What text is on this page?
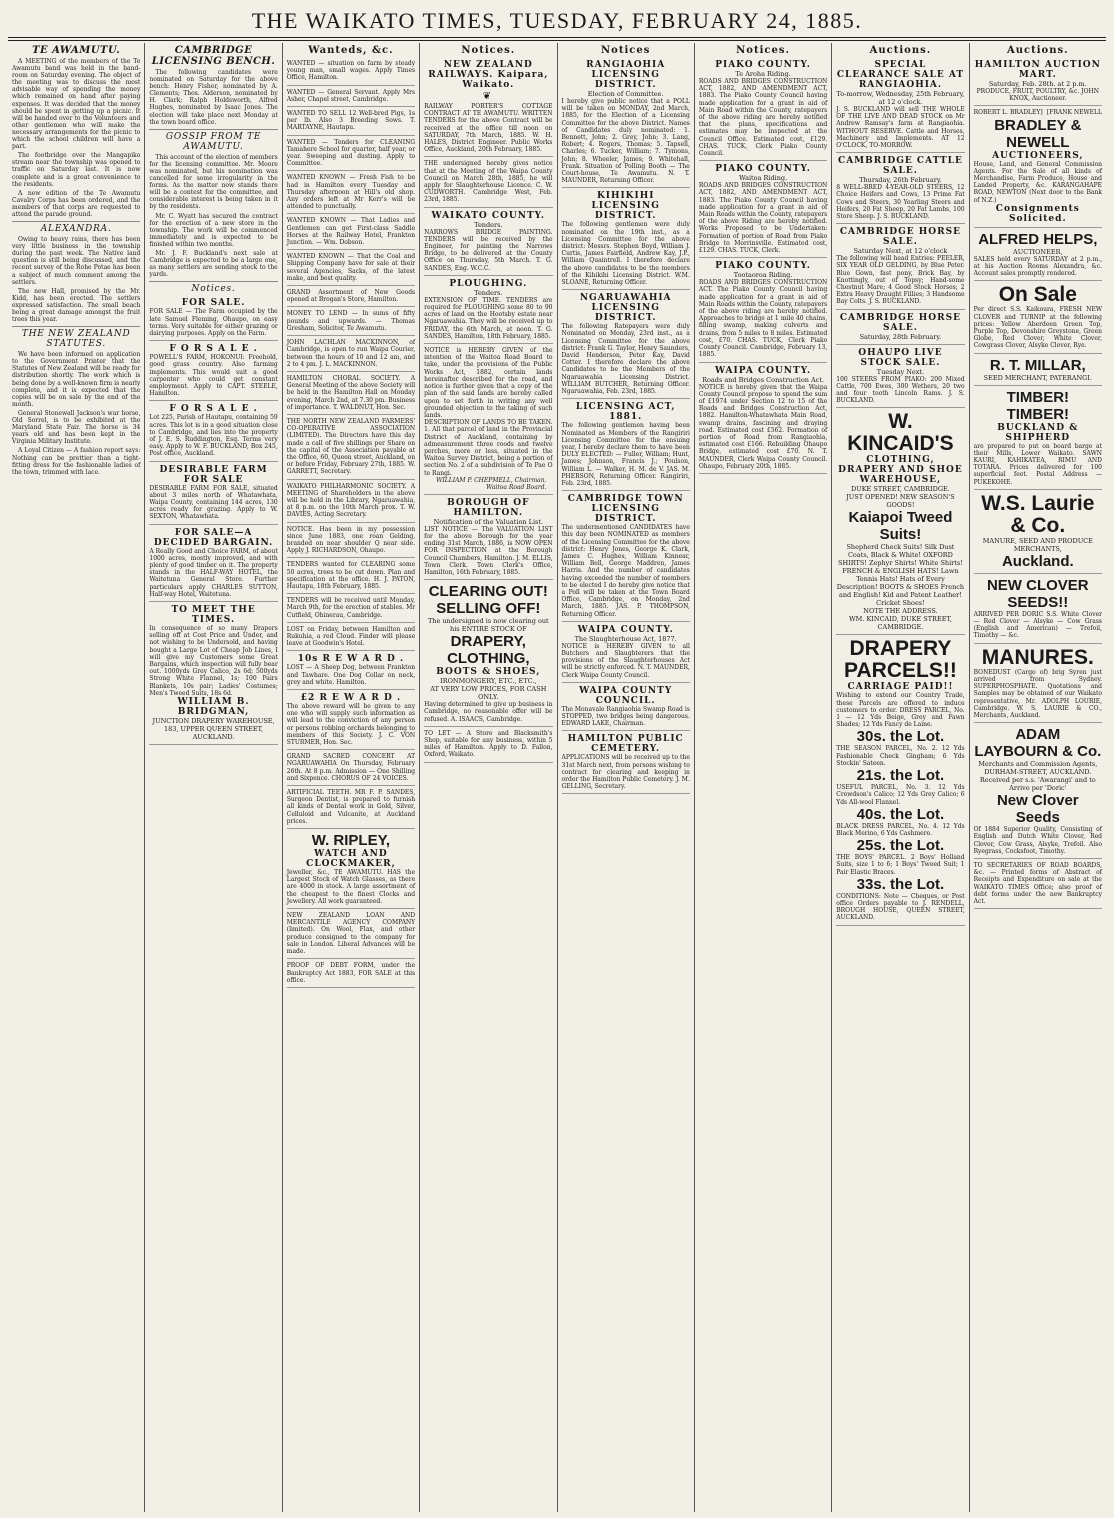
THE WAIKATO TIMES, TUESDAY, FEBRUARY 24, 1885.
TE AWAMUTU.

A MEETING of the members of the Te Awamutu band was held in the band-room on Saturday evening. The object of the meeting was to discuss the most advisable way of spending the money which remained on hand after paying expenses. It was decided that the money should be spent in getting up a picnic. It will be handed over to the Volunteers and other gentlemen who will make the necessary arrangements for the picnic to which the school children will have a part.

The footbridge over the Mangapiko stream near the township was opened to traffic on Saturday last. It is now complete and is a great convenience to the residents.

A new edition of the Te Awamutu Cavalry Corps has been ordered, and the members of that corps are requested to attend the parade ground.

ALEXANDRA.

Owing to heavy rains, there has been very little business in the township during the past week. The Native land question is still being discussed, and the recent survey of the Rohe Potae has been a subject of much comment among the settlers.

The new Hall, promised by the Mr. Kidd, has been erected. The settlers expressed satisfaction. The small beach being a great damage amongst the fruit trees this year.

THE NEW ZEALAND STATUTES.

We have been informed on application to the Government Printer that the Statutes of New Zealand will be ready for distribution shortly. The work which is being done by a well-known firm is nearly complete, and it is expected that the copies will be on sale by the end of the month.

General Stonewall Jackson's war horse, Old Sorrel, is to be exhibited at the Maryland State Fair. The horse is 34 years old and has been kept in the Virginia Military Institute.

A Loyal Citizen — A fashion report says: Nothing can be prettier than a tight-fitting dress for the fashionable ladies of the town, trimmed with lace.

CAMBRIDGE LICENSING BENCH.

The following candidates were nominated on Saturday for the above bench: Henry Fisher, nominated by A. Clements; Thos. Alderson, nominated by H. Clark; Ralph Holdsworth, Alfred Hughes, nominated by Isaac Jones. The election will take place next Monday at the town board office.

GOSSIP FROM TE AWAMUTU.

This account of the election of members for the licensing committee. Mr. Moore was nominated, but his nomination was cancelled for some irregularity in the forms. As the matter now stands there will be a contest for the committee, and considerable interest is being taken in it by the residents.

Mr. C. Wyatt has secured the contract for the erection of a new store in the township. The work will be commenced immediately and is expected to be finished within two months.

Mr. J. F. Buckland's next sale at Cambridge is expected to be a large one, as many settlers are sending stock to the yards.

Notices.
FOR SALE.
FOR SALE — The Farm occupied by the late Samuel Fleming, Ohaupo, on easy terms. Very suitable for either grazing or dairying purposes. Apply on the Farm.
F O R S A L E .
POWELL'S FARM, HOKONUI: Freehold, good grass country. Also farming implements. This would suit a good carpenter who could get constant employment. Apply to CAPT. STEELE, Hamilton.
F O R S A L E .
Lot 225, Parish of Hautapu, containing 59 acres. This lot is in a good situation close to Cambridge, and lies into the property of J. E. S. Ruddington, Esq. Terms very easy. Apply to W. F. BUCKLAND, Box 245, Post office, Auckland.
DESIRABLE FARM FOR SALE
DESIRABLE FARM FOR SALE, situated about 3 miles north of Whatawhata, Waipa County, containing 144 acres, 130 acres ready for grazing. Apply to W. SEXTON, Whatawhata.
FOR SALE—A DECIDED BARGAIN.
A Really Good and Choice FARM, of about 1000 acres, mostly improved, and with plenty of good timber on it. The property stands in the HALF-WAY HOTEL, the Waitetuna General Store. Further particulars apply CHARLES SUTTON, Half-way Hotel, Waitetuna.
TO MEET THE TIMES.
In consequence of so many Drapers selling off at Cost Price and Under, and not wishing to be Undersold, and having bought a Large Lot of Cheap Job Lines, I will give my Customers some Great Bargains, which inspection will fully bear out. 1000yds Grey Calico, 2s 6d; 500yds Strong White Flannel, 1s; 100 Pairs Blankets, 10s pair; Ladies' Costumes; Men's Tweed Suits, 18s 6d.
WILLIAM B. BRIDGMAN,
JUNCTION DRAPERY WAREHOUSE,
183, UPPER QUEEN STREET, AUCKLAND.
Wanteds, &c.
WANTED — situation on farm by steady young man, small wages. Apply Times Office, Hamilton.
WANTED — General Servant. Apply Mrs Asher, Chapel street, Cambridge.
WANTED TO SELL 12 Well-bred Pigs, 1s per lb. Also 3 Breeding Sows. T. MARTAYNE, Hautapu.
WANTED — Tenders for CLEANING Tamahere School for quarter, half year, or year. Sweeping and dusting. Apply to Committee.
WANTED KNOWN — Fresh Fish to be had in Hamilton every Tuesday and Thursday afternoon at Hill's old shop. Any orders left at Mr Kerr's will be attended to punctually.
WANTED KNOWN — That Ladies and Gentlemen can get First-class Saddle Horses at the Railway Hotel, Frankton Junction. — Wm. Dobson.
WANTED KNOWN — That the Coal and Shipping Company have for sale at their several Agencies, Sacks, of the latest make, and best quality.
GRAND Assortment of New Goods opened at Brogan's Store, Hamilton.
MONEY TO LEND — In sums of fifty pounds and upwards. — Thomas Gresham, Solicitor, Te Awamutu.
JOHN LACHLAN MACKINNON, of Cambridge, is open to run Waipa Courier, between the hours of 10 and 12 am, and 2 to 4 pm. J. L. MACKINNON.
HAMILTON CHORAL SOCIETY. A General Meeting of the above Society will be held in the Hamilton Hall on Monday evening, March 2nd, at 7.30 pm. Business of importance. T. WALDNUT, Hon. Sec.
THE NORTH NEW ZEALAND FARMERS' CO-OPERATIVE ASSOCIATION (LIMITED). The Directors have this day made a call of five shillings per Share on the capital of the Association payable at the Office, 60, Queen street, Auckland, on or before Friday, February 27th, 1885. W. GARRETT, Secretary.
WAIKATO PHILHARMONIC SOCIETY. A MEETING of Shareholders in the above will be held in the Library, Ngaruawahia, at 8 p.m. on the 10th March prox. T. W. DAVIES, Acting Secretary.
NOTICE. Has been in my possession since June 1883, one roan Gelding, branded on near shoulder Q near side. Apply J. RICHARDSON, Ohaupo.
TENDERS wanted for CLEARING some 50 acres, trees to be cut down. Plan and specification at the office. H. J. PATON, Hautapu, 18th February, 1885.
TENDERS will be received until Monday, March 9th, for the erection of stables. Mr Cutfield, Ohinerau, Cambridge.
LOST on Friday, between Hamilton and Rukuhia, a red Cloud. Finder will please leave at Goodwin's Hotel.
10s R E W A R D .
LOST — A Sheep Dog, between Frankton and Tawhare. One Dog Collar on neck, grey and white. Hamilton.
£2 R E W A R D .
The above reward will be given to any one who will supply such information as will lead to the conviction of any person or persons robbing orchards belonging to members of this Society. J. C. VON STURMER, Hon. Sec.
GRAND SACRED CONCERT AT NGARUAWAHIA On Thursday, February 26th. At 8 p.m. Admission — One Shilling and Sixpence. CHORUS OF 24 VOICES.
ARTIFICIAL TEETH. MR F. P. SANDES, Surgeon Dentist, is prepared to furnish all kinds of Dental work in Gold, Silver, Celluloid and Vulcanite, at Auckland prices.
W. RIPLEY,
WATCH AND CLOCKMAKER,
Jeweller, &c., TE AWAMUTU. HAS the Largest Stock of Watch Glasses, as there are 4000 in stock. A large assortment of the cheapest to the finest Clocks and Jewellery. All work guaranteed.
NEW ZEALAND LOAN AND MERCANTILE AGENCY COMPANY (limited). On Wool, Flax, and other produce consigned to the company for sale in London. Liberal Advances will be made.
PROOF OF DEBT FORM, under the Bankruptcy Act 1883, FOR SALE at this office.
Notices.
NEW ZEALAND RAILWAYS. Kaipara, Waikato.
❦
RAILWAY PORTER'S COTTAGE CONTRACT AT TE AWAMUTU. WRITTEN TENDERS for the above Contract will be received at the office till noon on SATURDAY, 7th March, 1885. W. H. HALES, District Engineer. Public Works Office, Auckland, 20th February, 1885.
THE undersigned hereby gives notice that at the Meeting of the Waipa County Council on March 28th, 1885, he will apply for Slaughterhouse Licence. C. W. CUDWORTH. Cambridge West, Feb. 23rd, 1885.
WAIKATO COUNTY.
Tenders.
NARROWS BRIDGE PAINTING. TENDERS will be received by the Engineer, for painting the Narrows Bridge, to be delivered at the County Office on Thursday, 5th March. T. G. SANDES, Eng. W.C.C.
PLOUGHING.
Tenders.
EXTENSION OF TIME. TENDERS are required for PLOUGHING some 80 to 90 acres of land on the Hootsby estate near Ngaruawahia. They will be received up to FRIDAY, the 6th March, at noon. T. G. SANDES, Hamilton, 18th February, 1885.
NOTICE is HEREBY GIVEN of the intention of the Waitoa Road Board to take, under the provisions of the Public Works Act, 1882, certain lands hereinafter described for the road, and notice is further given that a copy of the plan of the said lands are hereby called upon to set forth in writing any well grounded objection to the taking of such lands.
DESCRIPTION OF LANDS TO BE TAKEN. 1. All that parcel of land in the Provincial District of Auckland, containing by admeasurement three roods and twelve perches, more or less, situated in the Waitoa Survey District, being a portion of section No. 2 of a subdivision of Te Pae O te Rangi.
WILLIAM P. CHEPMELL, Chairman. Waitoa Road Board.
BOROUGH OF HAMILTON.
Notification of the Valuation List.
LIST NOTICE — The VALUATION LIST for the above Borough for the year ending 31st March, 1886, is NOW OPEN FOR INSPECTION at the Borough Council Chambers, Hamilton. J. M. ELLIS, Town Clerk. Town Clerk's Office, Hamilton, 16th February, 1885.
CLEARING OUT!
SELLING OFF!
The undersigned is now clearing out his ENTIRE STOCK OF
DRAPERY, CLOTHING,
BOOTS & SHOES,
IRONMONGERY, ETC., ETC.,
AT VERY LOW PRICES, FOR CASH ONLY.
Having determined to give up business in Cambridge, no reasonable offer will be refused. A. ISAACS, Cambridge.
TO LET — A Store and Blacksmith's Shop, suitable for any business, within 5 miles of Hamilton. Apply to D. Fallon, Oxford, Waikato.
Notices
RANGIAOHIA LICENSING DISTRICT.
Election of Committee.
I hereby give public notice that a POLL will be taken on MONDAY, 2nd March, 1885, for the Election of a Licensing Committee for the above District. Names of Candidates duly nominated: 1. Bennett, John; 2. Grey, John; 3. Lang, Robert; 4. Rogers, Thomas; 5. Tapsell, Charles; 6. Tucker, William; 7. Tymons, John; 8. Wheeler, James; 9. Whitehall, Frank. Situation of Polling Booth — The Court-house, Te Awamutu. N. T. MAUNDER, Returning Officer.
KIHIKIHI LICENSING DISTRICT.
The following gentlemen were duly nominated on the 19th inst., as a Licensing Committee for the above district: Messrs. Stephen Boyd, William J. Curtis, James Fairfield, Andrew Kay, J.P., William Quaintrell. I therefore declare the above candidates to be the members of the Kihikihi Licensing District. W.M. SLOANE, Returning Officer.
NGARUAWAHIA LICENSING DISTRICT.
The following Ratepayers were duly Nominated on Monday, 23rd inst., as a Licensing Committee for the above district: Frank G. Taylor, Henry Saunders, David Henderson, Peter Kay, David Cotter. I therefore declare the above Candidates to be the Members of the Ngaruawahia Licensing District. WILLIAM BUTCHER, Returning Officer. Ngaruawahia, Feb. 23rd, 1885.
LICENSING ACT, 1881.
The following gentlemen having been Nominated as Members of the Rangiriri Licensing Committee for the ensuing year, I hereby declare them to have been DULY ELECTED: — Fuller, William; Hunt, James; Johnson, Francis J.; Poulson, William L. — Walker, H. M. de V. JAS. M. PHERSON, Returning Officer. Rangiriri, Feb. 23rd, 1885.
CAMBRIDGE TOWN LICENSING DISTRICT.
The undermentioned CANDIDATES have this day been NOMINATED as members of the Licensing Committee for the above district: Henry Jones, George K. Clark, James C. Hughes, William Kinnear, William Bell, George Maddren, James Harris. And the number of candidates having exceeded the number of members to be elected I do hereby give notice that a Poll will be taken at the Town Board Office, Cambridge, on Monday, 2nd March, 1885. JAS. P. THOMPSON, Returning Officer.
WAIPA COUNTY.
The Slaughterhouse Act, 1877.
NOTICE is HEREBY GIVEN to all Butchers and Slaughterers that the provisions of the Slaughterhouses Act will be strictly enforced. N. T. MAUNDER, Clerk Waipa County Council.
WAIPA COUNTY COUNCIL.
The Monavale Rangiaohia Swamp Road is STOPPED, two bridges being dangerous. EDWARD LAKE, Chairman.
HAMILTON PUBLIC CEMETERY.
APPLICATIONS will be received up to the 31st March next, from persons wishing to contract for clearing and keeping in order the Hamilton Public Cemetery. J. M. GELLING, Secretary.
Notices.
PIAKO COUNTY.
Te Aroha Riding.
ROADS AND BRIDGES CONSTRUCTION ACT, 1882, AND AMENDMENT ACT, 1883. The Piako County Council having made application for a grant in aid of Main Road within the County, ratepayers of the above riding are hereby notified that the plans, specifications and estimates may be inspected at the Council Office. Estimated cost, £129. CHAS. TUCK, Clerk Piako County Council.
PIAKO COUNTY.
Waitoa Riding.
ROADS AND BRIDGES CONSTRUCTION ACT, 1882, AND AMENDMENT ACT, 1883. The Piako County Council having made application for a grant in aid of Main Roads within the County, ratepayers of the above Riding are hereby notified. Works Proposed to be Undertaken: Formation of portion of Road from Piako Bridge to Morrinsville. Estimated cost, £129. CHAS. TUCK, Clerk.
PIAKO COUNTY.
Tootaoroa Riding.
ROADS AND BRIDGES CONSTRUCTION ACT. The Piako County Council having made application for a grant in aid of Main Roads within the County, ratepayers of the above riding are hereby notified. Approaches to bridge at 1 mile 40 chains, filling swamp, making culverts and drains, from 5 miles to 8 miles. Estimated cost, £70. CHAS. TUCK, Clerk Piako County Council. Cambridge, February 13, 1885.
WAIPA COUNTY.
Roads and Bridges Construction Act.
NOTICE is hereby given that the Waipa County Council propose to spend the sum of £1974 under Section 12 to 15 of the Roads and Bridges Construction Act, 1882. Hamilton-Whatawhata Main Road, swamp drains, fascining and draying road. Estimated cost £562. Formation of portion of Road from Rangiaohia, estimated cost £166. Rebuilding Ohaupo Bridge, estimated cost £70. N. T. MAUNDER, Clerk Waipa County Council. Ohaupo, February 20th, 1885.
Auctions.
SPECIAL CLEARANCE SALE AT RANGIAOHIA.
To-morrow, Wednesday, 25th February, at 12 o'clock.
J. S. BUCKLAND will sell THE WHOLE OF THE LIVE AND DEAD STOCK on Mr Andrew Ramsay's farm at Rangiaohia. WITHOUT RESERVE. Cattle and Horses, Machinery and Implements. AT 12 O'CLOCK, TO-MORROW.
CAMBRIDGE CATTLE SALE.
Thursday, 26th February.
8 WELL-BRED 4-YEAR-OLD STEERS, 12 Choice Heifers and Cows, 13 Prime Fat Cows and Steers, 30 Yearling Steers and Heifers, 20 Fat Sheep, 20 Fat Lambs, 100 Store Sheep. J. S. BUCKLAND.
CAMBRIDGE HORSE SALE.
Saturday Next, at 12 o'clock
The following will head Entries: PEELER, SIX YEAR OLD GELDING, by Blue Peter. Blue Gown, fast pony, Brick Bay, by Knottingly, out of Topsy; Hand-some Chestnut Mare; 4 Good Stock Horses; 2 Extra Heavy Draught Fillies; 3 Handsome Bay Colts. J. S. BUCKLAND.
CAMBRIDGE HORSE SALE.
Saturday, 28th February.
OHAUPO LIVE STOCK SALE.
Tuesday Next.
100 STEERS FROM PIAKO: 200 Mixed Cattle, 700 Ewes, 300 Wethers, 20 two and four tooth Lincoln Rams. J. S. BUCKLAND.
W. KINCAID'S
CLOTHING, DRAPERY AND SHOE WAREHOUSE,
DUKE STREET, CAMBRIDGE.
JUST OPENED! NEW SEASON'S GOODS!
Kaiapoi Tweed Suits!
Shepherd Check Suits! Silk Dust Coats, Black & White! OXFORD SHIRTS! Zephyr Shirts! White Shirts! FRENCH & ENGLISH HATS! Lawn Tennis Hats! Hats of Every Description! BOOTS & SHOES French and English! Kid and Patent Leather! Cricket Shoes!
NOTE THE ADDRESS.
WM. KINCAID, DUKE STREET, CAMBRIDGE.
DRAPERY PARCELS!!
CARRIAGE PAID!!
Wishing to extend our Country Trade, these Parcels are offered to induce customers to order. DRESS PARCEL, No. 1 — 12 Yds Beige, Grey and Fawn Shades; 12 Yds Fancy de Laine.
30s. the Lot.
THE SEASON PARCEL, No. 2. 12 Yds Fashionable Check Gingham; 6 Yds Stockin' Sateen.
21s. the Lot.
USEFUL PARCEL, No. 3. 12 Yds Crewdson's Calico; 12 Yds Grey Calico; 6 Yds All-wool Flannel.
40s. the Lot.
BLACK DRESS PARCEL, No. 4. 12 Yds Black Merino, 6 Yds Cashmere.
25s. the Lot.
THE BOYS' PARCEL. 2 Boys' Holland Suits, size 1 to 6; 1 Boys' Tweed Suit; 1 Pair Elastic Braces.
33s. the Lot.
CONDITIONS: Note — Cheques, or Post office Orders payable to J. RENDELL, BROUGH HOUSE, QUEEN STREET, AUCKLAND.
Auctions.
HAMILTON AUCTION MART.
Saturday, Feb. 28th. at 2 p.m.
PRODUCE, FRUIT, POULTRY, &c. JOHN KNOX, Auctioneer.
ROBERT L. BRADLEY] [FRANK NEWELL
BRADLEY & NEWELL
AUCTIONEERS,
House, Land, and General Commission Agents. For the Sale of all kinds of Merchandise, Farm Produce, House and Landed Property, &c. KARANGAHAPE ROAD, NEWTON (Next door to the Bank of N.Z.)
Consignments Solicited.
ALFRED HELPS,
AUCTIONEER,
SALES held every SATURDAY at 2 p.m., at his Auction Rooms Alexandra, &c. Account sales promptly rendered.
On Sale
Per direct S.S. Kaikoura, FRESH NEW CLOVER and TURNIP at the following prices: Yellow Aberdeen Green Top, Purple Top, Devonshire Greystone, Green Globe, Red Clover, White Clover, Cowgrass Clover, Alsyke Clover, Rye.
R. T. MILLAR,
SEED MERCHANT, PATERANGI.
TIMBER! TIMBER!
BUCKLAND & SHIPHERD
are prepared to put on board barge at their Mills, Lower Waikato. SAWN KAURI, KAHIKATEA, RIMU AND TOTARA. Prices delivered for 100 superficial feet. Postal Address — PUKEKOHE.
W.S. Laurie & Co.
MANURE, SEED AND PRODUCE MERCHANTS,
Auckland.
NEW CLOVER SEEDS!!
ARRIVED PER DORIC S.S. White Clover — Red Clover — Alsyke — Cow Grass (English and American) — Trefoil, Timothy — &c.
MANURES.
BONEDUST (Cargo of) brig Syren just arrived from Sydney. SUPERPHOSPHATE. Quotations and Samples may be obtained of our Waikato representative, Mr. ADOLPH LOURIE, Cambridge. W. S. LAURIE & CO., Merchants, Auckland.
ADAM LAYBOURN & Co.
Merchants and Commission Agents, DURHAM-STREET, AUCKLAND.
Received per s.s. 'Awarangi' and to Arrive per 'Doric'
New Clover Seeds
Of 1884 Superior Quality, Consisting of English and Dutch White Clover, Red Clover, Cow Grass, Alsyke, Trefoil. Also Ryegrass, Cocksfoot, Timothy.
TO SECRETARIES OF ROAD BOARDS, &c. — Printed forms of Abstract of Receipts and Expenditure on sale at the WAIKATO TIMES Office; also proof of debt forms under the new Bankruptcy Act.
